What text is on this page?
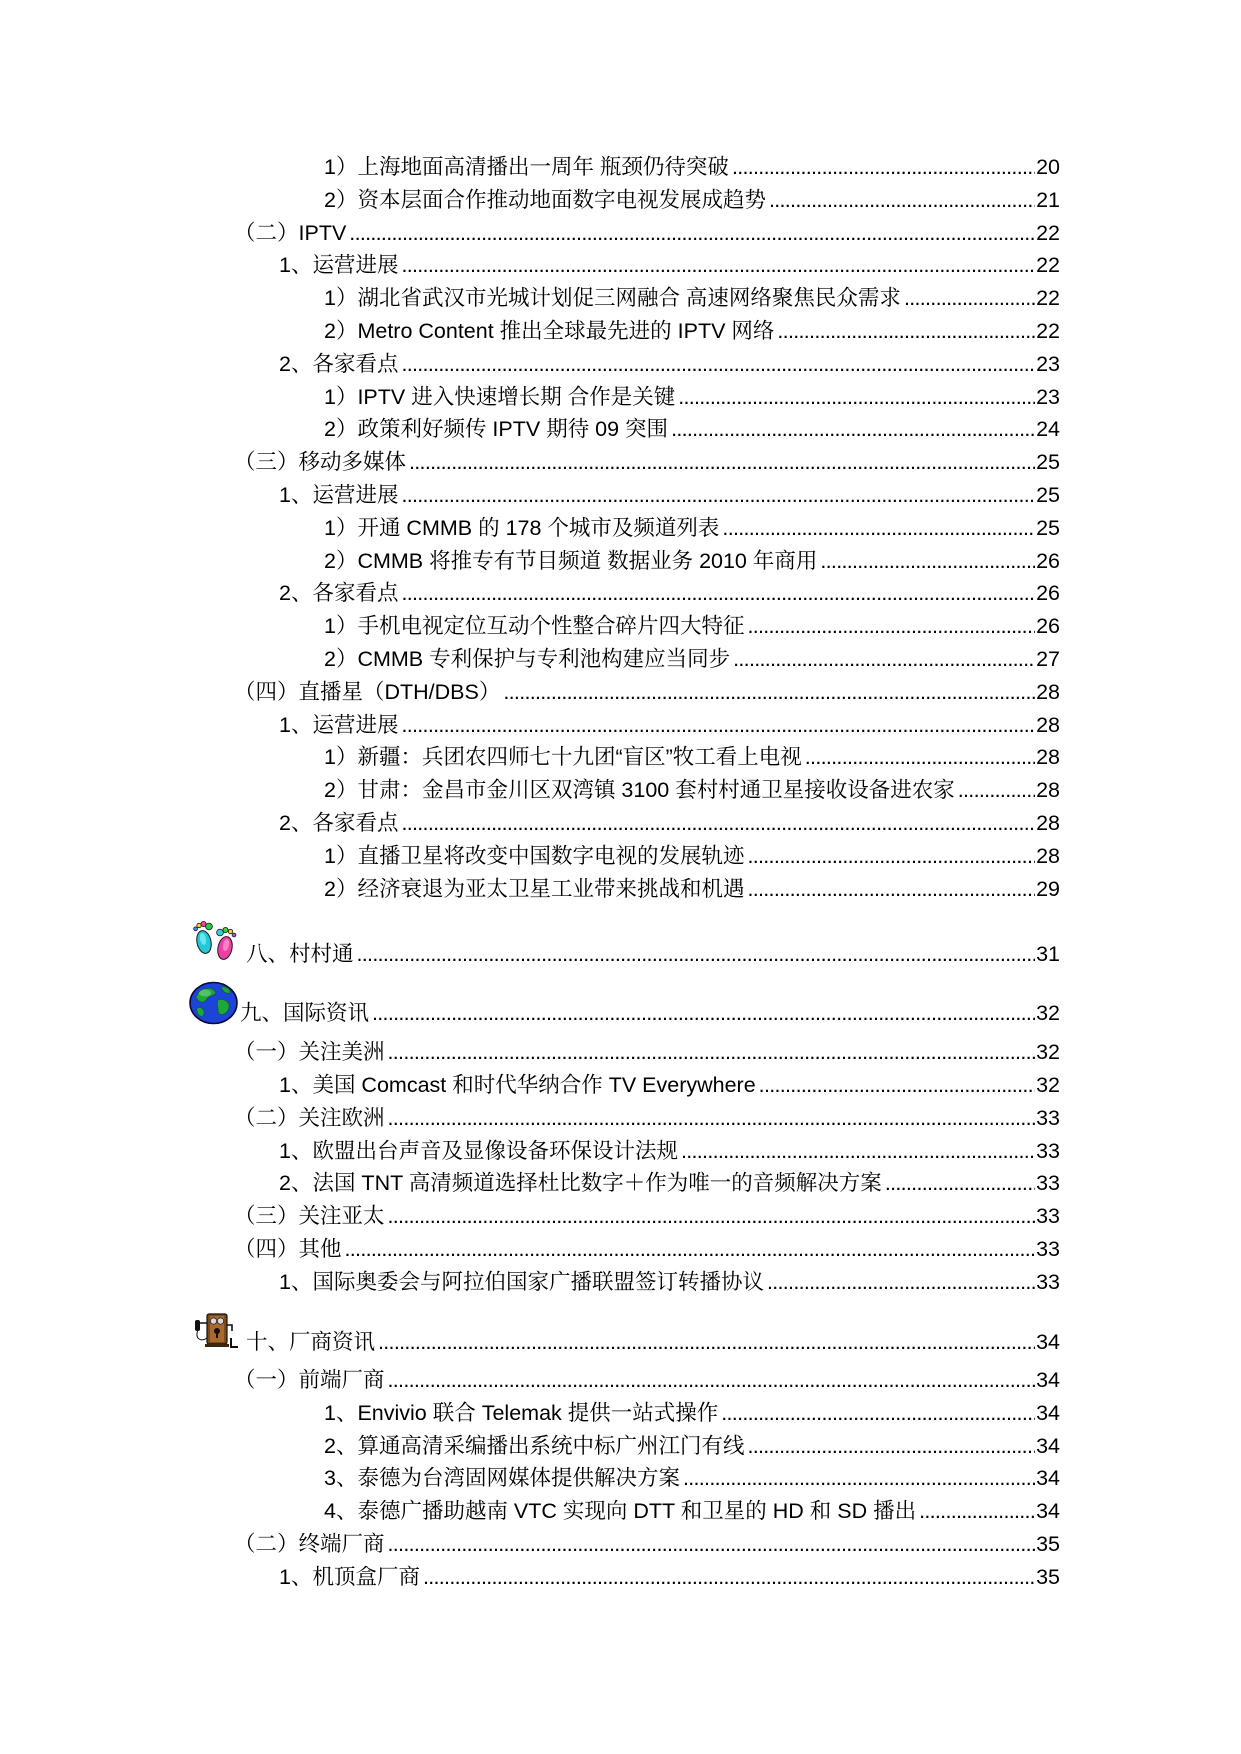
1）上海地面高清播出一周年 瓶颈仍待突破 .....	20
2）资本层面合作推动地面数字电视发展成趋势 .....	21
（二）IPTV .....	22
1、运营进展 .....	22
1）湖北省武汉市光城计划促三网融合 高速网络聚焦民众需求 .....	22
2）Metro Content 推出全球最先进的 IPTV 网络 .....	22
2、各家看点 .....	23
1）IPTV 进入快速增长期 合作是关键 .....	23
2）政策利好频传 IPTV 期待 09 突围 .....	24
（三）移动多媒体 .....	25
1、运营进展 .....	25
1）开通 CMMB 的 178 个城市及频道列表 .....	25
2）CMMB 将推专有节目频道 数据业务 2010 年商用 .....	26
2、各家看点 .....	26
1）手机电视定位互动个性整合碎片四大特征 .....	26
2）CMMB 专利保护与专利池构建应当同步 .....	27
（四）直播星（DTH/DBS） .....	28
1、运营进展 .....	28
1）新疆：兵团农四师七十九团“盲区”牧工看上电视 .....	28
2）甘肃：金昌市金川区双湾镇 3100 套村村通卫星接收设备进农家 .....	28
2、各家看点 .....	28
1）直播卫星将改变中国数字电视的发展轨迹 .....	28
2）经济衰退为亚太卫星工业带来挑战和机遇 .....	29
八、村村通 .....	31
九、国际资讯 .....	32
（一）关注美洲 .....	32
1、美国 Comcast 和时代华纳合作 TV Everywhere .....	32
（二）关注欧洲 .....	33
1、欧盟出台声音及显像设备环保设计法规 .....	33
2、法国 TNT 高清频道选择杜比数字＋作为唯一的音频解决方案 .....	33
（三）关注亚太 .....	33
（四）其他 .....	33
1、国际奥委会与阿拉伯国家广播联盟签订转播协议 .....	33
十、厂商资讯 .....	34
（一）前端厂商 .....	34
1、Envivio 联合 Telemak 提供一站式操作 .....	34
2、算通高清采编播出系统中标广州江门有线 .....	34
3、泰德为台湾固网媒体提供解决方案 .....	34
4、泰德广播助越南 VTC 实现向 DTT 和卫星的 HD 和 SD 播出 .....	34
（二）终端厂商 .....	35
1、机顶盒厂商 .....	35
